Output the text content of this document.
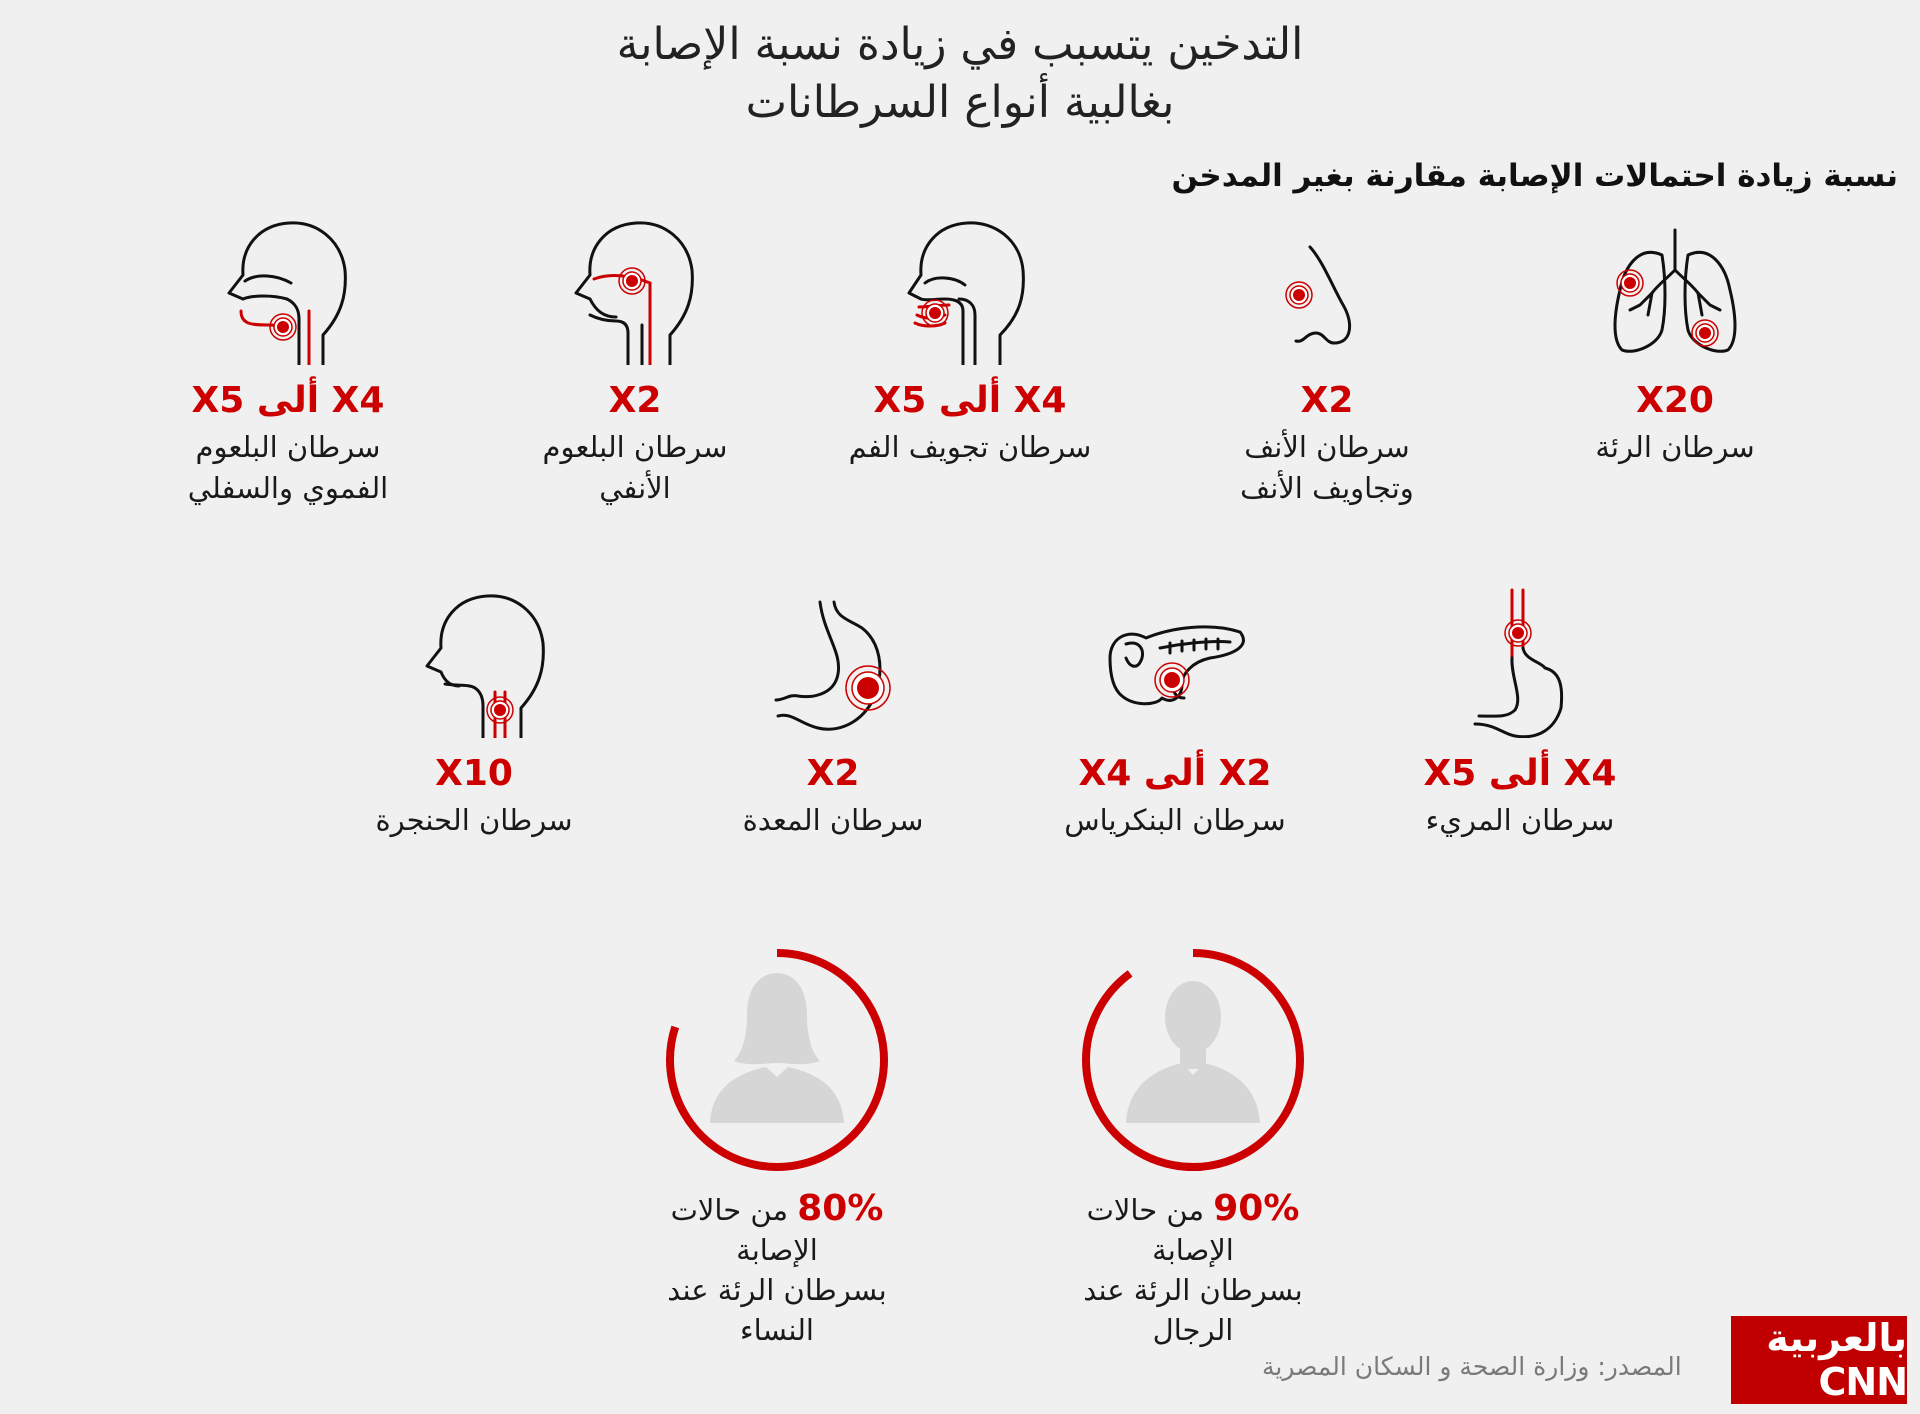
التدخين يتسبب في زيادة نسبة الإصابة
بغالبية أنواع السرطانات
نسبة زيادة احتمالات الإصابة مقارنة بغير المدخن
X20
سرطان الرئة
X2
سرطان الأنف
وتجاويف الأنف
X4 ألى X5
سرطان تجويف الفم
X2
سرطان البلعوم
الأنفي
X4 ألى X5
سرطان البلعوم
الفموي والسفلي
X4 ألى X5
سرطان المريء
X2 ألى X4
سرطان البنكرياس
X2
سرطان المعدة
X10
سرطان الحنجرة
90% من حالات الإصابة
بسرطان الرئة عند الرجال
80% من حالات الإصابة
بسرطان الرئة عند النساء
المصدر: وزارة الصحة و السكان المصرية
بالعربية CNN
